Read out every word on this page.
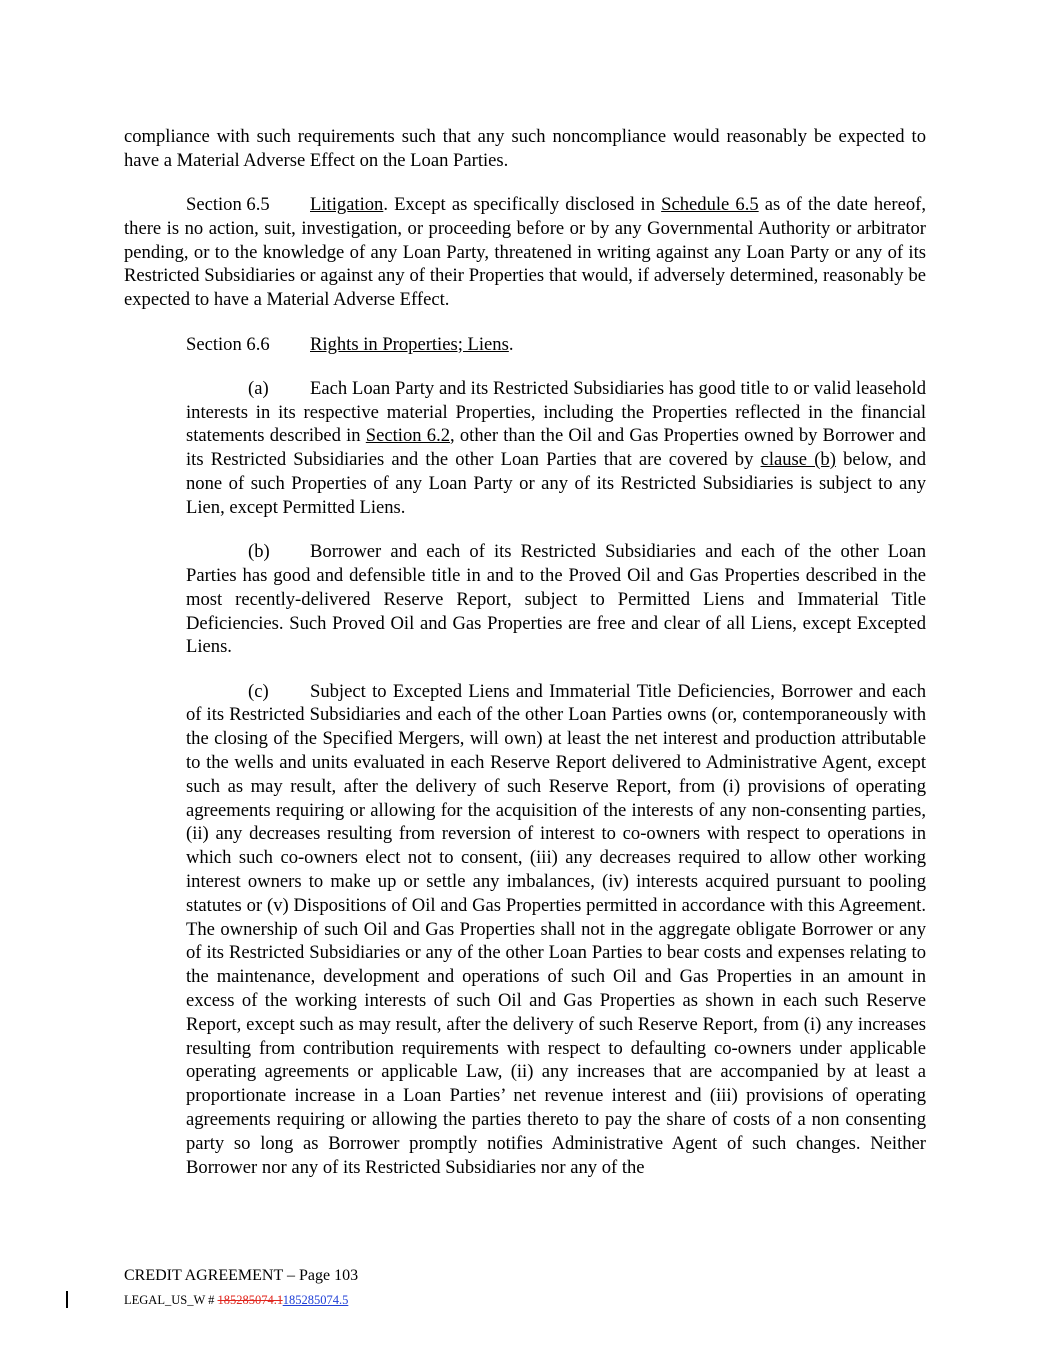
compliance with such requirements such that any such noncompliance would reasonably be expected to have a Material Adverse Effect on the Loan Parties.

Section 6.5 Litigation. Except as specifically disclosed in Schedule 6.5 as of the date hereof, there is no action, suit, investigation, or proceeding before or by any Governmental Authority or arbitrator pending, or to the knowledge of any Loan Party, threatened in writing against any Loan Party or any of its Restricted Subsidiaries or against any of their Properties that would, if adversely determined, reasonably be expected to have a Material Adverse Effect.

Section 6.6 Rights in Properties; Liens.

(a) Each Loan Party and its Restricted Subsidiaries has good title to or valid leasehold interests in its respective material Properties, including the Properties reflected in the financial statements described in Section 6.2, other than the Oil and Gas Properties owned by Borrower and its Restricted Subsidiaries and the other Loan Parties that are covered by clause (b) below, and none of such Properties of any Loan Party or any of its Restricted Subsidiaries is subject to any Lien, except Permitted Liens.

(b) Borrower and each of its Restricted Subsidiaries and each of the other Loan Parties has good and defensible title in and to the Proved Oil and Gas Properties described in the most recently-delivered Reserve Report, subject to Permitted Liens and Immaterial Title Deficiencies. Such Proved Oil and Gas Properties are free and clear of all Liens, except Excepted Liens.

(c) Subject to Excepted Liens and Immaterial Title Deficiencies, Borrower and each of its Restricted Subsidiaries and each of the other Loan Parties owns (or, contemporaneously with the closing of the Specified Mergers, will own) at least the net interest and production attributable to the wells and units evaluated in each Reserve Report delivered to Administrative Agent, except such as may result, after the delivery of such Reserve Report, from (i) provisions of operating agreements requiring or allowing for the acquisition of the interests of any non-consenting parties, (ii) any decreases resulting from reversion of interest to co-owners with respect to operations in which such co-owners elect not to consent, (iii) any decreases required to allow other working interest owners to make up or settle any imbalances, (iv) interests acquired pursuant to pooling statutes or (v) Dispositions of Oil and Gas Properties permitted in accordance with this Agreement. The ownership of such Oil and Gas Properties shall not in the aggregate obligate Borrower or any of its Restricted Subsidiaries or any of the other Loan Parties to bear costs and expenses relating to the maintenance, development and operations of such Oil and Gas Properties in an amount in excess of the working interests of such Oil and Gas Properties as shown in each such Reserve Report, except such as may result, after the delivery of such Reserve Report, from (i) any increases resulting from contribution requirements with respect to defaulting co-owners under applicable operating agreements or applicable Law, (ii) any increases that are accompanied by at least a proportionate increase in a Loan Parties’ net revenue interest and (iii) provisions of operating agreements requiring or allowing the parties thereto to pay the share of costs of a non consenting party so long as Borrower promptly notifies Administrative Agent of such changes. Neither Borrower nor any of its Restricted Subsidiaries nor any of the

CREDIT AGREEMENT – Page 103
LEGAL_US_W # 185285074.1185285074.5
